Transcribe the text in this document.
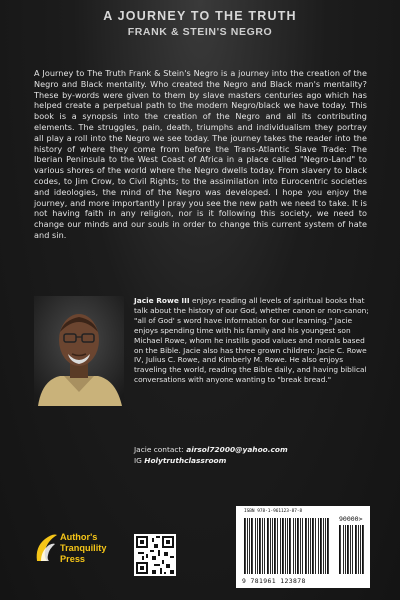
A JOURNEY TO THE TRUTH
FRANK & STEIN'S NEGRO

A Journey to The Truth Frank & Stein's Negro is a journey into the creation of the Negro and Black mentality. Who created the Negro and Black man's mentality? These by-words were given to them by slave masters centuries ago which has helped create a perpetual path to the modern Negro/black we have today. This book is a synopsis into the creation of the Negro and all its contributing elements. The struggles, pain, death, triumphs and individualism they portray all play a roll into the Negro we see today. The journey takes the reader into the history of where they come from before the Trans-Atlantic Slave Trade: The Iberian Peninsula to the West Coast of Africa in a place called "Negro-Land" to various shores of the world where the Negro dwells today. From slavery to black codes, to Jim Crow, to Civil Rights; to the assimilation into Eurocentric societies and ideologies, the mind of the Negro was developed. I hope you enjoy the journey, and more importantly I pray you see the new path we need to take. It is not having faith in any religion, nor is it following this society, we need to change our minds and our souls in order to change this current system of hate and sin.

Jacie Rowe III enjoys reading all levels of spiritual books that talk about the history of our God, whether canon or non-canon; "all of God' s word have information for our learning." Jacie enjoys spending time with his family and his youngest son Michael Rowe, whom he instills good values and morals based on the Bible. Jacie also has three grown children: Jacie C. Rowe IV, Julius C. Rowe, and Kimberly M. Rowe. He also enjoys traveling the world, reading the Bible daily, and having biblical conversations with anyone wanting to "break bread."

Jacie contact: airsol72000@yahoo.com
IG Holytruthclassroom
Author's
Tranquility
Press
ISBN 978-1-961123-87-8
90000>
9 781961 123878
